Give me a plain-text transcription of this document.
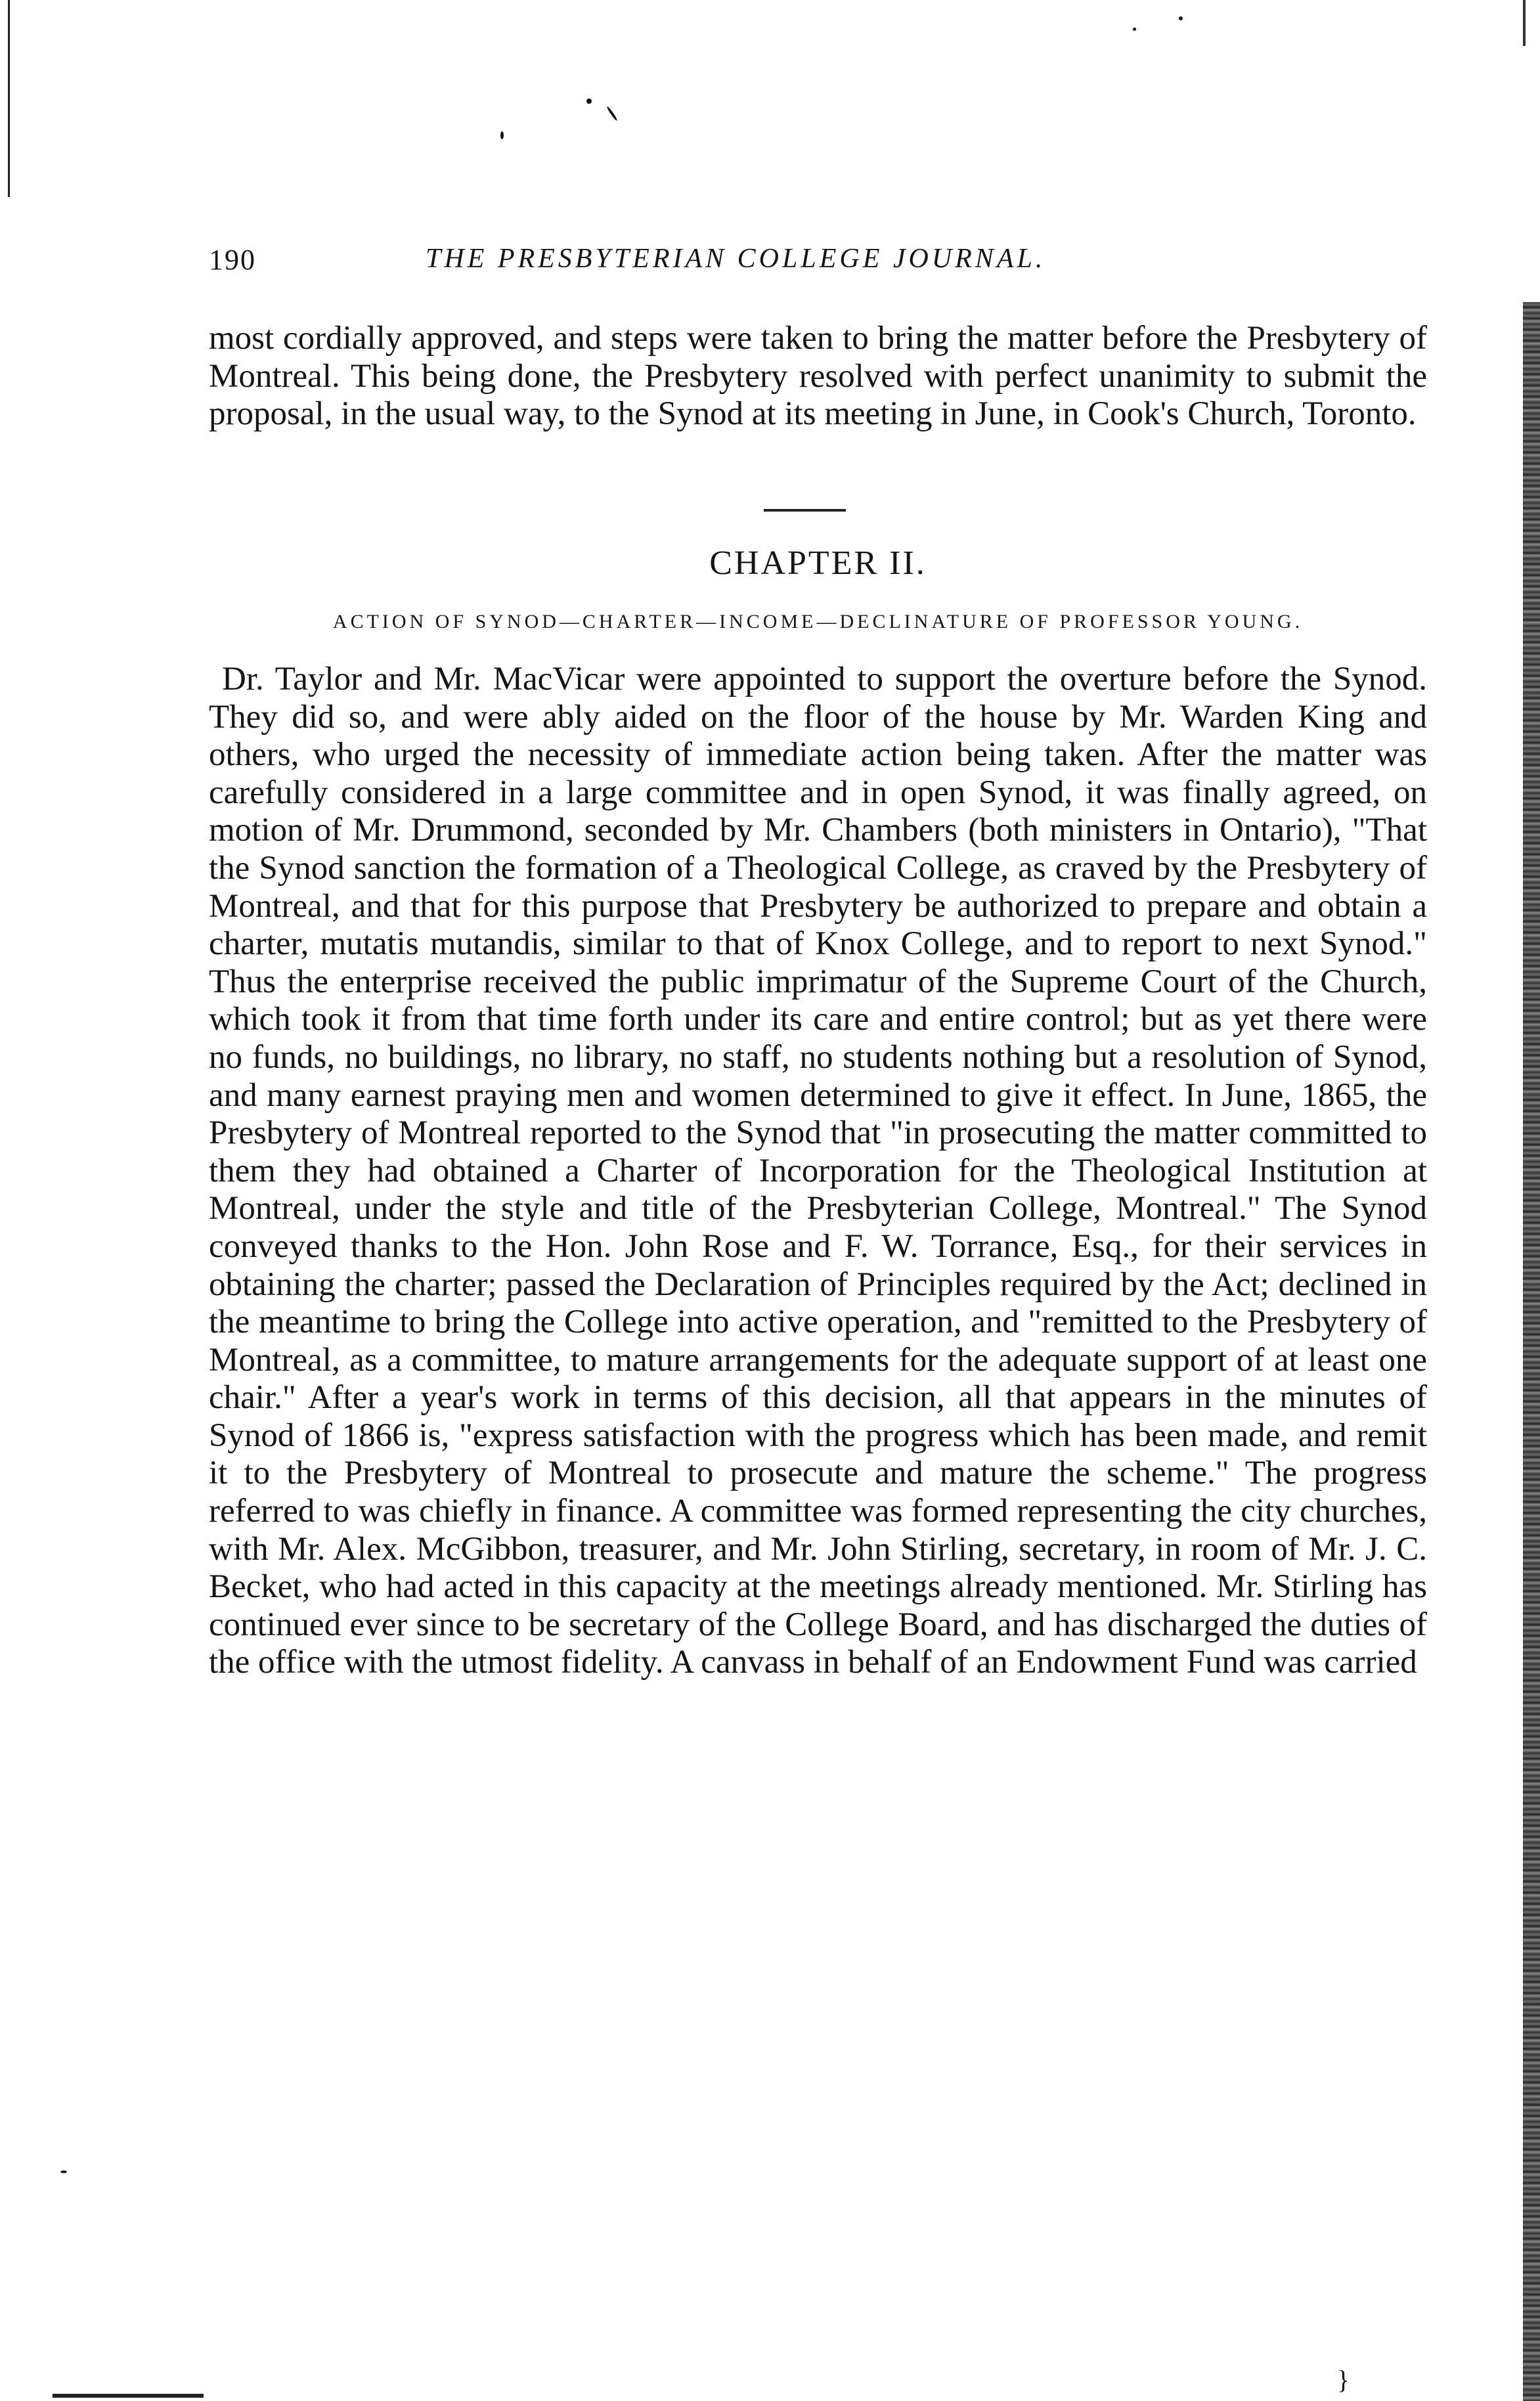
190	THE PRESBYTERIAN COLLEGE JOURNAL.
most cordially approved, and steps were taken to bring the matter before the Presbytery of Montreal. This being done, the Presbytery resolved with perfect unanimity to submit the proposal, in the usual way, to the Synod at its meeting in June, in Cook's Church, Toronto.
CHAPTER II.
ACTION OF SYNOD—CHARTER—INCOME—DECLINATURE OF PROFESSOR YOUNG.
Dr. Taylor and Mr. MacVicar were appointed to support the overture before the Synod. They did so, and were ably aided on the floor of the house by Mr. Warden King and others, who urged the necessity of immediate action being taken. After the matter was carefully considered in a large committee and in open Synod, it was finally agreed, on motion of Mr. Drummond, seconded by Mr. Chambers (both ministers in Ontario), "That the Synod sanction the formation of a Theological College, as craved by the Presbytery of Montreal, and that for this purpose that Presbytery be authorized to prepare and obtain a charter, mutatis mutandis, similar to that of Knox College, and to report to next Synod." Thus the enterprise received the public imprimatur of the Supreme Court of the Church, which took it from that time forth under its care and entire control; but as yet there were no funds, no buildings, no library, no staff, no students nothing but a resolution of Synod, and many earnest praying men and women determined to give it effect. In June, 1865, the Presbytery of Montreal reported to the Synod that "in prosecuting the matter committed to them they had obtained a Charter of Incorporation for the Theological Institution at Montreal, under the style and title of the Presbyterian College, Montreal." The Synod conveyed thanks to the Hon. John Rose and F. W. Torrance, Esq., for their services in obtaining the charter; passed the Declaration of Principles required by the Act; declined in the meantime to bring the College into active operation, and "remitted to the Presbytery of Montreal, as a committee, to mature arrangements for the adequate support of at least one chair." After a year's work in terms of this decision, all that appears in the minutes of Synod of 1866 is, "express satisfaction with the progress which has been made, and remit it to the Presbytery of Montreal to prosecute and mature the scheme." The progress referred to was chiefly in finance. A committee was formed representing the city churches, with Mr. Alex. McGibbon, treasurer, and Mr. John Stirling, secretary, in room of Mr. J. C. Becket, who had acted in this capacity at the meetings already mentioned. Mr. Stirling has continued ever since to be secretary of the College Board, and has discharged the duties of the office with the utmost fidelity. A canvass in behalf of an Endowment Fund was carried
}
